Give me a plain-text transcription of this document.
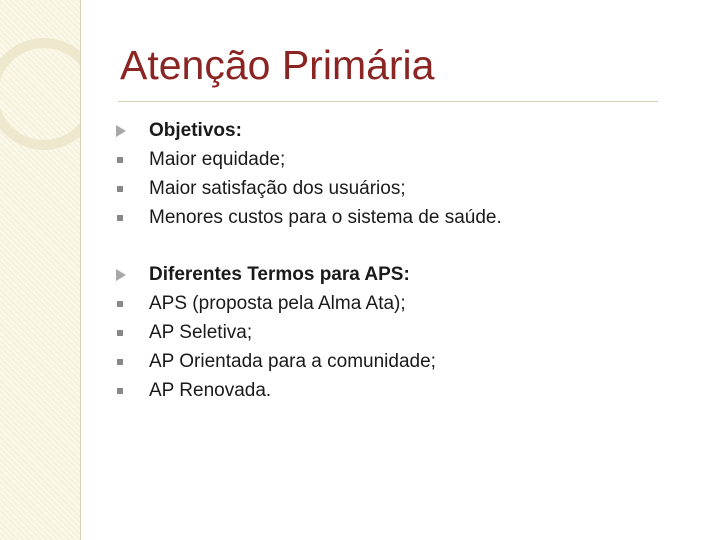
Atenção Primária
Objetivos:
Maior equidade;
Maior satisfação dos usuários;
Menores custos para o sistema de saúde.
Diferentes Termos para APS:
APS (proposta pela Alma Ata);
AP Seletiva;
AP Orientada para a comunidade;
AP Renovada.
